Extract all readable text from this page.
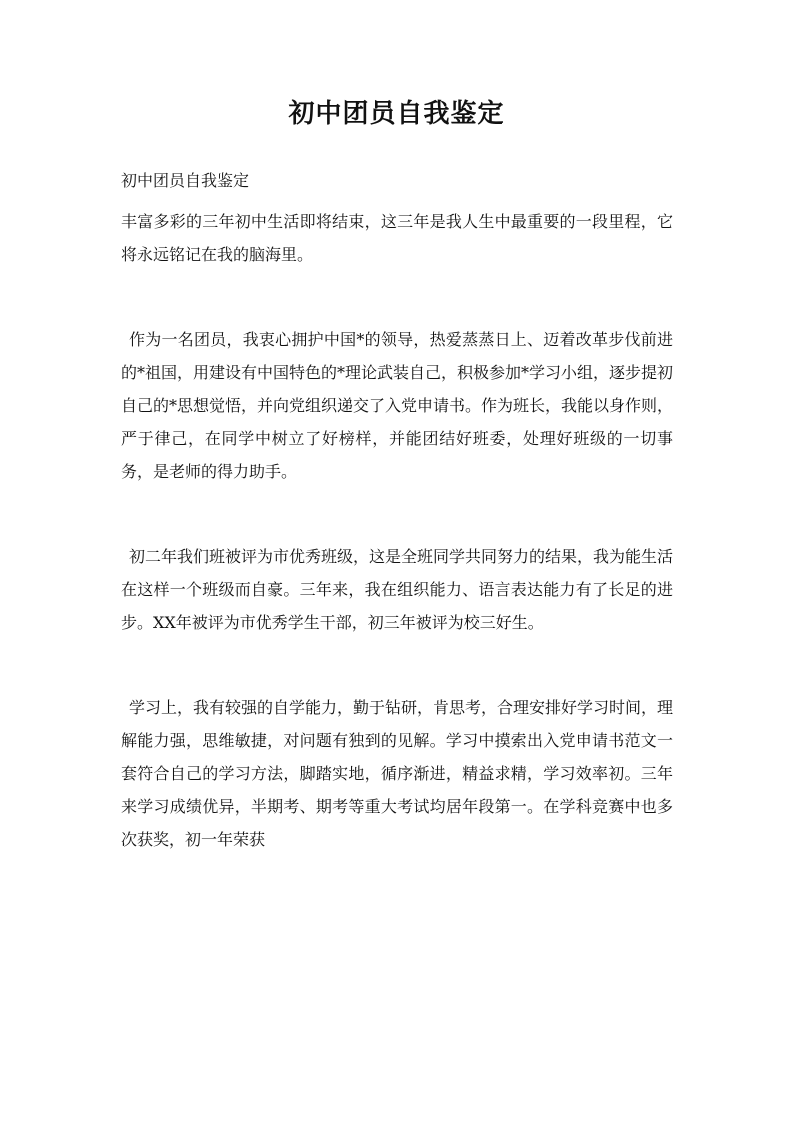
初中团员自我鉴定

初中团员自我鉴定

丰富多彩的三年初中生活即将结束，这三年是我人生中最重要的一段里程，它将永远铭记在我的脑海里。

作为一名团员，我衷心拥护中国*的领导，热爱蒸蒸日上、迈着改革步伐前进的*祖国，用建设有中国特色的*理论武装自己，积极参加*学习小组，逐步提初自己的*思想觉悟，并向党组织递交了入党申请书。作为班长，我能以身作则，严于律己，在同学中树立了好榜样，并能团结好班委，处理好班级的一切事务，是老师的得力助手。

初二年我们班被评为市优秀班级，这是全班同学共同努力的结果，我为能生活在这样一个班级而自豪。三年来，我在组织能力、语言表达能力有了长足的进步。XX年被评为市优秀学生干部，初三年被评为校三好生。

学习上，我有较强的自学能力，勤于钻研，肯思考，合理安排好学习时间，理解能力强，思维敏捷，对问题有独到的见解。学习中摸索出入党申请书范文一套符合自己的学习方法，脚踏实地，循序渐进，精益求精，学习效率初。三年来学习成绩优异，半期考、期考等重大考试均居年段第一。在学科竞赛中也多次获奖，初一年荣获
